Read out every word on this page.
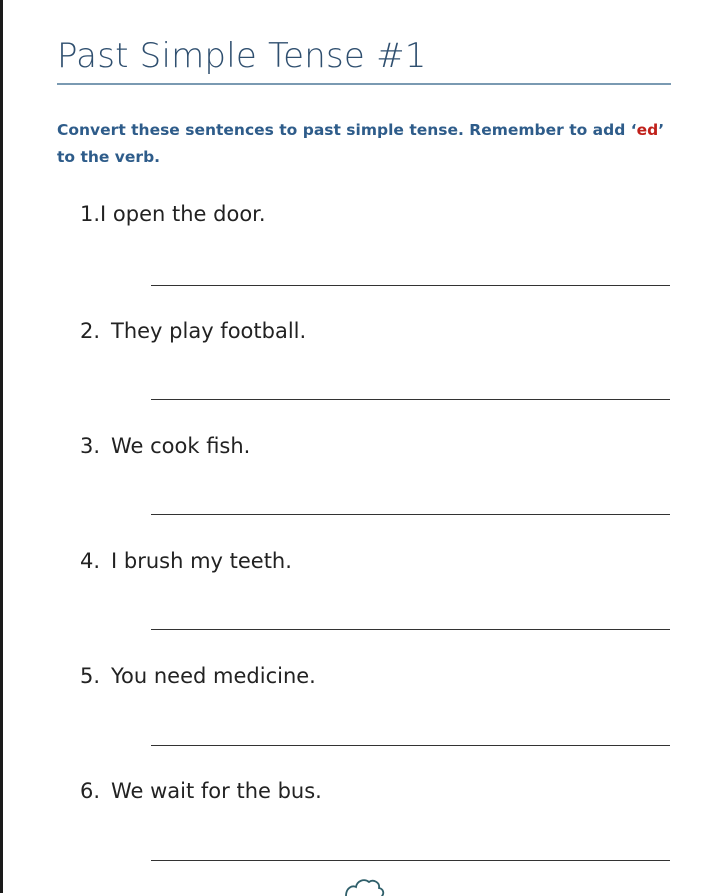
Past Simple Tense #1
Convert these sentences to past simple tense. Remember to add ‘ed’ to the verb.
1.I open the door.
2. They play football.
3. We cook fish.
4. I brush my teeth.
5. You need medicine.
6. We wait for the bus.
